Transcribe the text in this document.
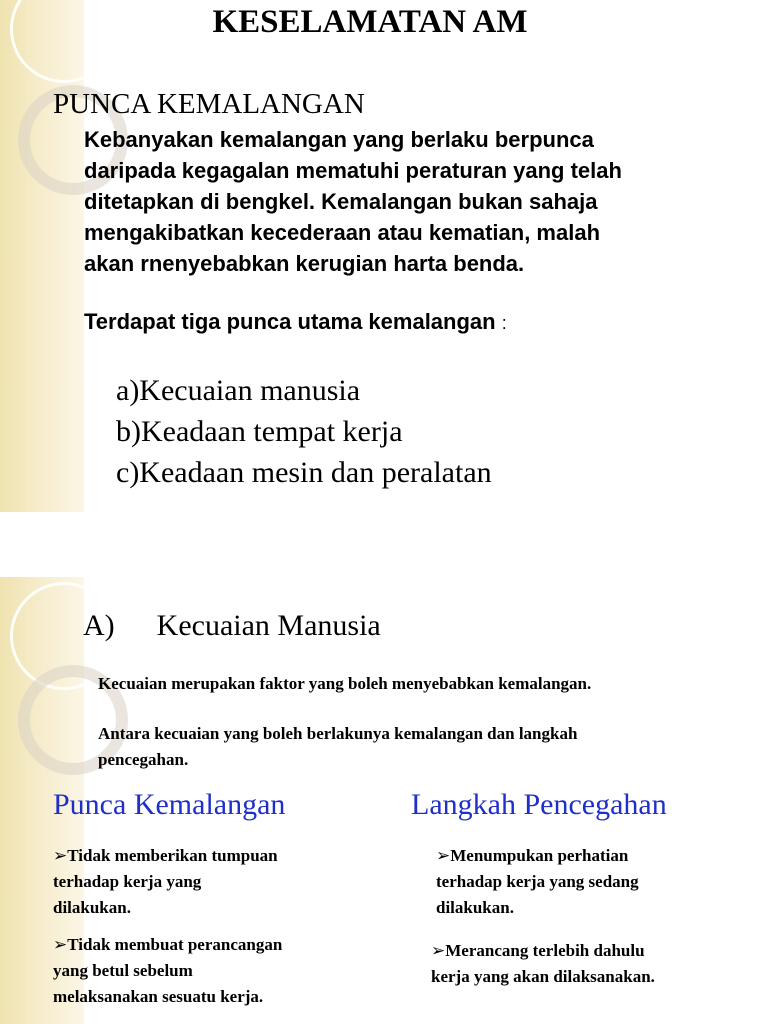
KESELAMATAN AM
PUNCA KEMALANGAN
Kebanyakan kemalangan yang berlaku berpunca
daripada kegagalan mematuhi peraturan yang telah
ditetapkan di bengkel. Kemalangan bukan sahaja
mengakibatkan kecederaan atau kematian, malah
akan rnenyebabkan kerugian harta benda.
Terdapat tiga punca utama kemalangan :
a)Kecuaian manusia
b)Keadaan tempat kerja
c)Keadaan mesin dan peralatan
A) Kecuaian Manusia

Kecuaian merupakan faktor yang boleh menyebabkan kemalangan.

Antara kecuaian yang boleh berlakunya kemalangan dan langkah
pencegahan.
Punca Kemalangan	Langkah Pencegahan
➢Tidak memberikan tumpuan
terhadap kerja yang
dilakukan.
➢Tidak membuat perancangan
yang betul sebelum
melaksanakan sesuatu kerja.
➢Menumpukan perhatian
terhadap kerja yang sedang
dilakukan.
➢Merancang terlebih dahulu
kerja yang akan dilaksanakan.
